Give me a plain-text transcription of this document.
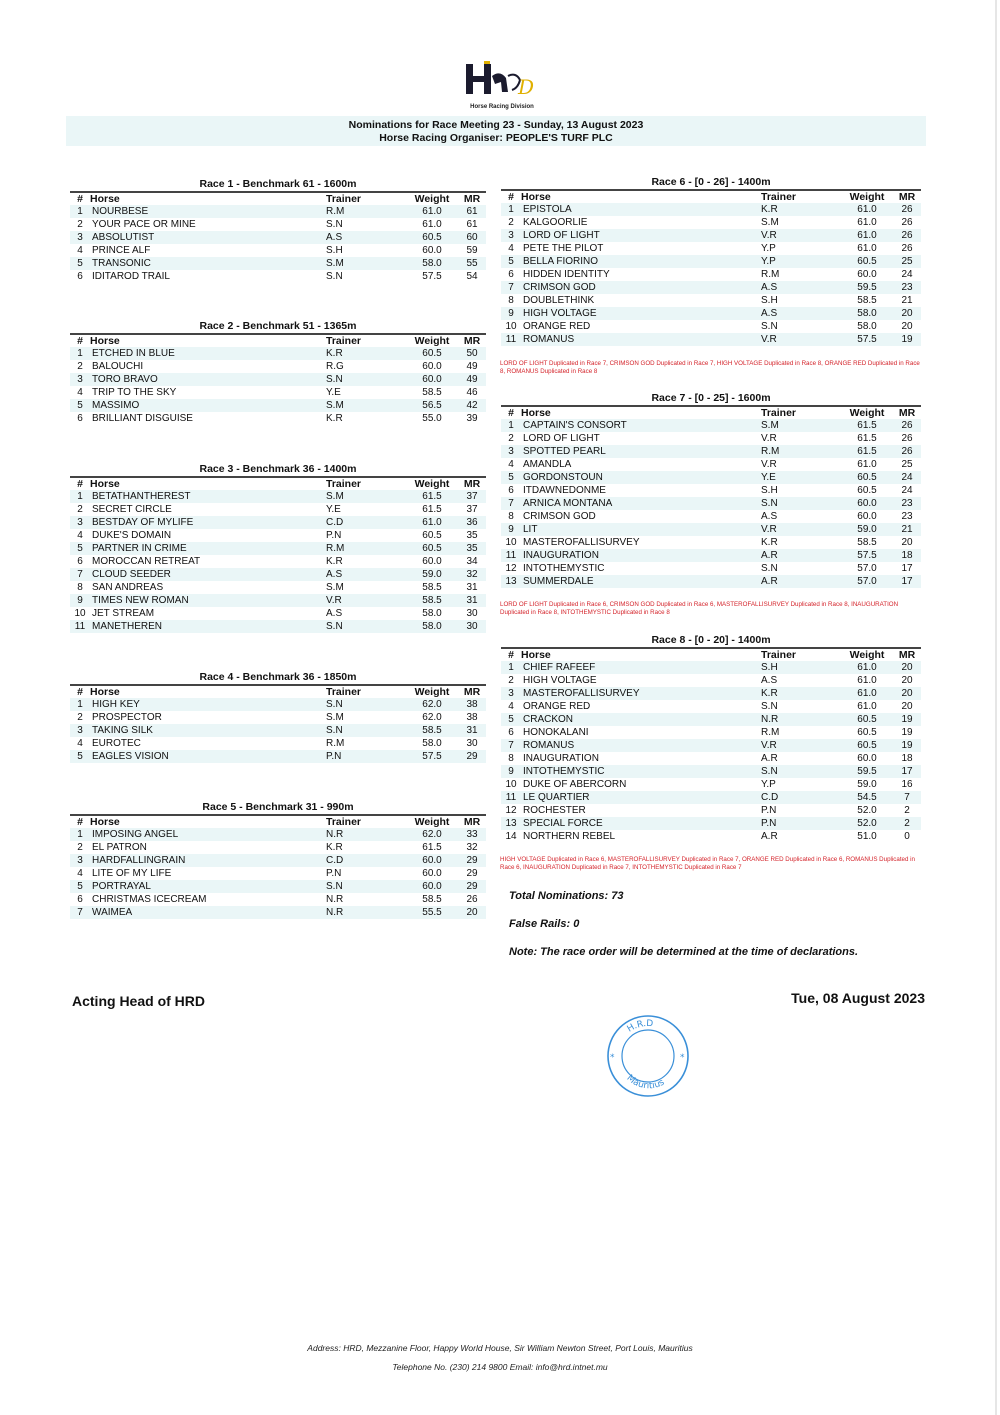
D
Horse Racing Division
Nominations for Race Meeting 23 - Sunday, 13 August 2023
Horse Racing Organiser: PEOPLE'S TURF PLC
Race 1 - Benchmark 61 - 1600m
# Horse	Trainer	Weight	MR
1 NOURBESE	R.M	61.0	61
2 YOUR PACE OR MINE	S.N	61.0	61
3 ABSOLUTIST	A.S	60.5	60
4 PRINCE ALF	S.H	60.0	59
5 TRANSONIC	S.M	58.0	55
6 IDITAROD TRAIL	S.N	57.5	54
Race 2 - Benchmark 51 - 1365m
# Horse	Trainer	Weight	MR
1 ETCHED IN BLUE	K.R	60.5	50
2 BALOUCHI	R.G	60.0	49
3 TORO BRAVO	S.N	60.0	49
4 TRIP TO THE SKY	Y.E	58.5	46
5 MASSIMO	S.M	56.5	42
6 BRILLIANT DISGUISE	K.R	55.0	39
Race 3 - Benchmark 36 - 1400m
# Horse	Trainer	Weight	MR
1 BETATHANTHEREST	S.M	61.5	37
2 SECRET CIRCLE	Y.E	61.5	37
3 BESTDAY OF MYLIFE	C.D	61.0	36
4 DUKE'S DOMAIN	P.N	60.5	35
5 PARTNER IN CRIME	R.M	60.5	35
6 MOROCCAN RETREAT	K.R	60.0	34
7 CLOUD SEEDER	A.S	59.0	32
8 SAN ANDREAS	S.M	58.5	31
9 TIMES NEW ROMAN	V.R	58.5	31
10 JET STREAM	A.S	58.0	30
11 MANETHEREN	S.N	58.0	30
Race 4 - Benchmark 36 - 1850m
# Horse	Trainer	Weight	MR
1 HIGH KEY	S.N	62.0	38
2 PROSPECTOR	S.M	62.0	38
3 TAKING SILK	S.N	58.5	31
4 EUROTEC	R.M	58.0	30
5 EAGLES VISION	P.N	57.5	29
Race 5 - Benchmark 31 - 990m
# Horse	Trainer	Weight	MR
1 IMPOSING ANGEL	N.R	62.0	33
2 EL PATRON	K.R	61.5	32
3 HARDFALLINGRAIN	C.D	60.0	29
4 LITE OF MY LIFE	P.N	60.0	29
5 PORTRAYAL	S.N	60.0	29
6 CHRISTMAS ICECREAM	N.R	58.5	26
7 WAIMEA	N.R	55.5	20
Race 6 - [0 - 26] - 1400m
# Horse	Trainer	Weight	MR
1 EPISTOLA	K.R	61.0	26
2 KALGOORLIE	S.M	61.0	26
3 LORD OF LIGHT	V.R	61.0	26
4 PETE THE PILOT	Y.P	61.0	26
5 BELLA FIORINO	Y.P	60.5	25
6 HIDDEN IDENTITY	R.M	60.0	24
7 CRIMSON GOD	A.S	59.5	23
8 DOUBLETHINK	S.H	58.5	21
9 HIGH VOLTAGE	A.S	58.0	20
10 ORANGE RED	S.N	58.0	20
11 ROMANUS	V.R	57.5	19
Race 7 - [0 - 25] - 1600m
# Horse	Trainer	Weight	MR
1 CAPTAIN'S CONSORT	S.M	61.5	26
2 LORD OF LIGHT	V.R	61.5	26
3 SPOTTED PEARL	R.M	61.5	26
4 AMANDLA	V.R	61.0	25
5 GORDONSTOUN	Y.E	60.5	24
6 ITDAWNEDONME	S.H	60.5	24
7 ARNICA MONTANA	S.N	60.0	23
8 CRIMSON GOD	A.S	60.0	23
9 LIT	V.R	59.0	21
10 MASTEROFALLISURVEY	K.R	58.5	20
11 INAUGURATION	A.R	57.5	18
12 INTOTHEMYSTIC	S.N	57.0	17
13 SUMMERDALE	A.R	57.0	17
Race 8 - [0 - 20] - 1400m
# Horse	Trainer	Weight	MR
1 CHIEF RAFEEF	S.H	61.0	20
2 HIGH VOLTAGE	A.S	61.0	20
3 MASTEROFALLISURVEY	K.R	61.0	20
4 ORANGE RED	S.N	61.0	20
5 CRACKON	N.R	60.5	19
6 HONOKALANI	R.M	60.5	19
7 ROMANUS	V.R	60.5	19
8 INAUGURATION	A.R	60.0	18
9 INTOTHEMYSTIC	S.N	59.5	17
10 DUKE OF ABERCORN	Y.P	59.0	16
11 LE QUARTIER	C.D	54.5	7
12 ROCHESTER	P.N	52.0	2
13 SPECIAL FORCE	P.N	52.0	2
14 NORTHERN REBEL	A.R	51.0	0
LORD OF LIGHT Duplicated in Race 7, CRIMSON GOD Duplicated in Race 7, HIGH VOLTAGE Duplicated in Race 8, ORANGE RED Duplicated in Race 8, ROMANUS Duplicated in Race 8
LORD OF LIGHT Duplicated in Race 6, CRIMSON GOD Duplicated in Race 6, MASTEROFALLISURVEY Duplicated in Race 8, INAUGURATION Duplicated in Race 8, INTOTHEMYSTIC Duplicated in Race 8
HIGH VOLTAGE Duplicated in Race 6, MASTEROFALLISURVEY Duplicated in Race 7, ORANGE RED Duplicated in Race 6, ROMANUS Duplicated in Race 6, INAUGURATION Duplicated in Race 7, INTOTHEMYSTIC Duplicated in Race 7
Total Nominations: 73
False Rails: 0
Note: The race order will be determined at the time of declarations.
Acting Head of HRD	Tue, 08 August 2023
H.R.D
Mauritius
*	*
Address: HRD, Mezzanine Floor, Happy World House, Sir William Newton Street, Port Louis, Mauritius
Telephone No. (230) 214 9800 Email: info@hrd.intnet.mu
